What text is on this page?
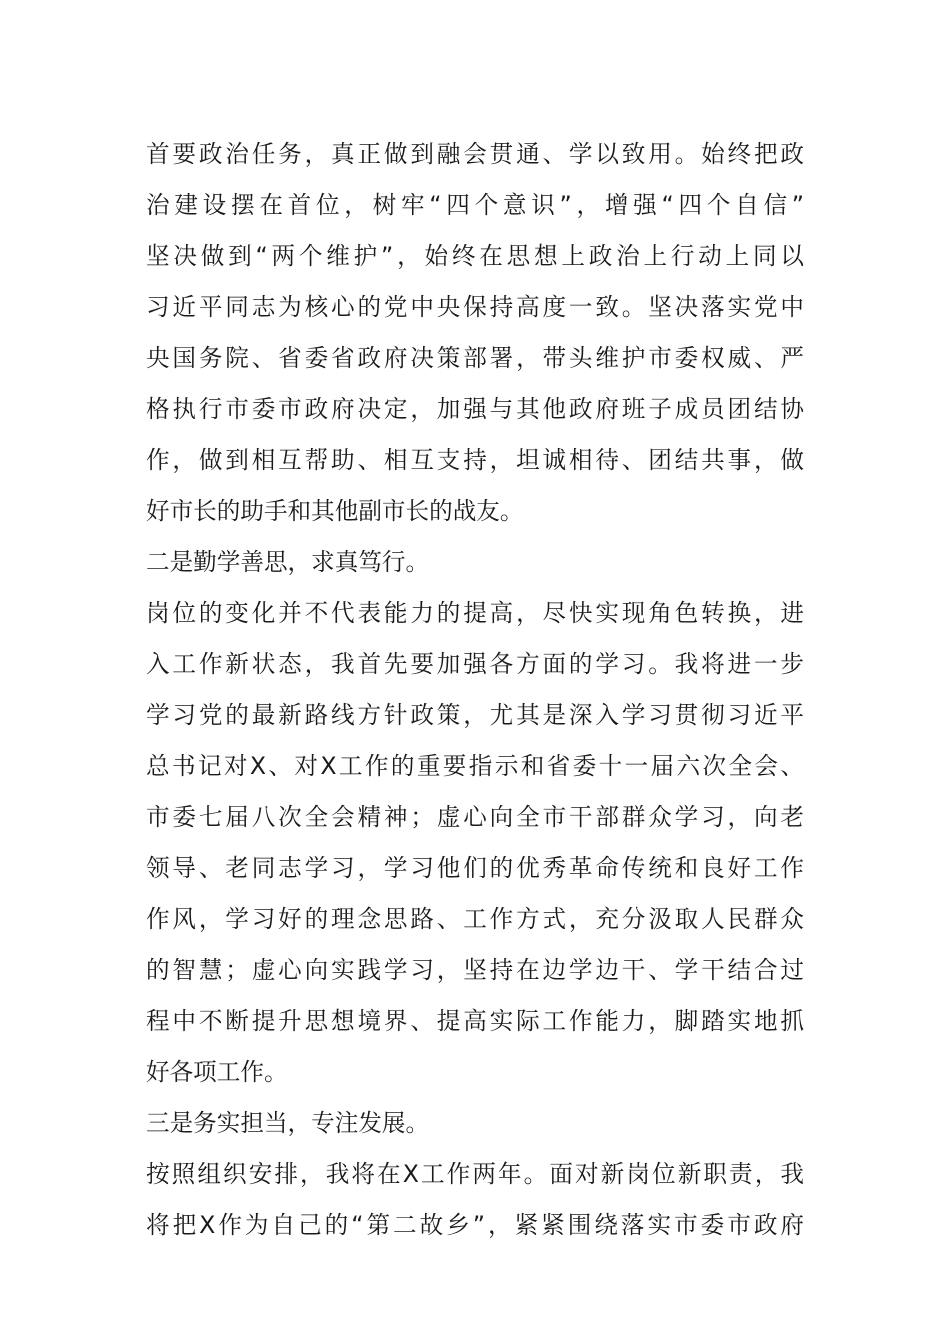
首要政治任务，真正做到融会贯通、学以致用。始终把政
治建设摆在首位，树牢“四个意识”，增强“四个自信”
坚决做到“两个维护”，始终在思想上政治上行动上同以
习近平同志为核心的党中央保持高度一致。坚决落实党中
央国务院、省委省政府决策部署，带头维护市委权威、严
格执行市委市政府决定，加强与其他政府班子成员团结协
作，做到相互帮助、相互支持，坦诚相待、团结共事，做
好市长的助手和其他副市长的战友。
二是勤学善思，求真笃行。
岗位的变化并不代表能力的提高，尽快实现角色转换，进
入工作新状态，我首先要加强各方面的学习。我将进一步
学习党的最新路线方针政策，尤其是深入学习贯彻习近平
总书记对X、对X工作的重要指示和省委十一届六次全会、
市委七届八次全会精神；虚心向全市干部群众学习，向老
领导、老同志学习，学习他们的优秀革命传统和良好工作
作风，学习好的理念思路、工作方式，充分汲取人民群众
的智慧；虚心向实践学习，坚持在边学边干、学干结合过
程中不断提升思想境界、提高实际工作能力，脚踏实地抓
好各项工作。
三是务实担当，专注发展。
按照组织安排，我将在X工作两年。面对新岗位新职责，我
将把X作为自己的“第二故乡”，紧紧围绕落实市委市政府
